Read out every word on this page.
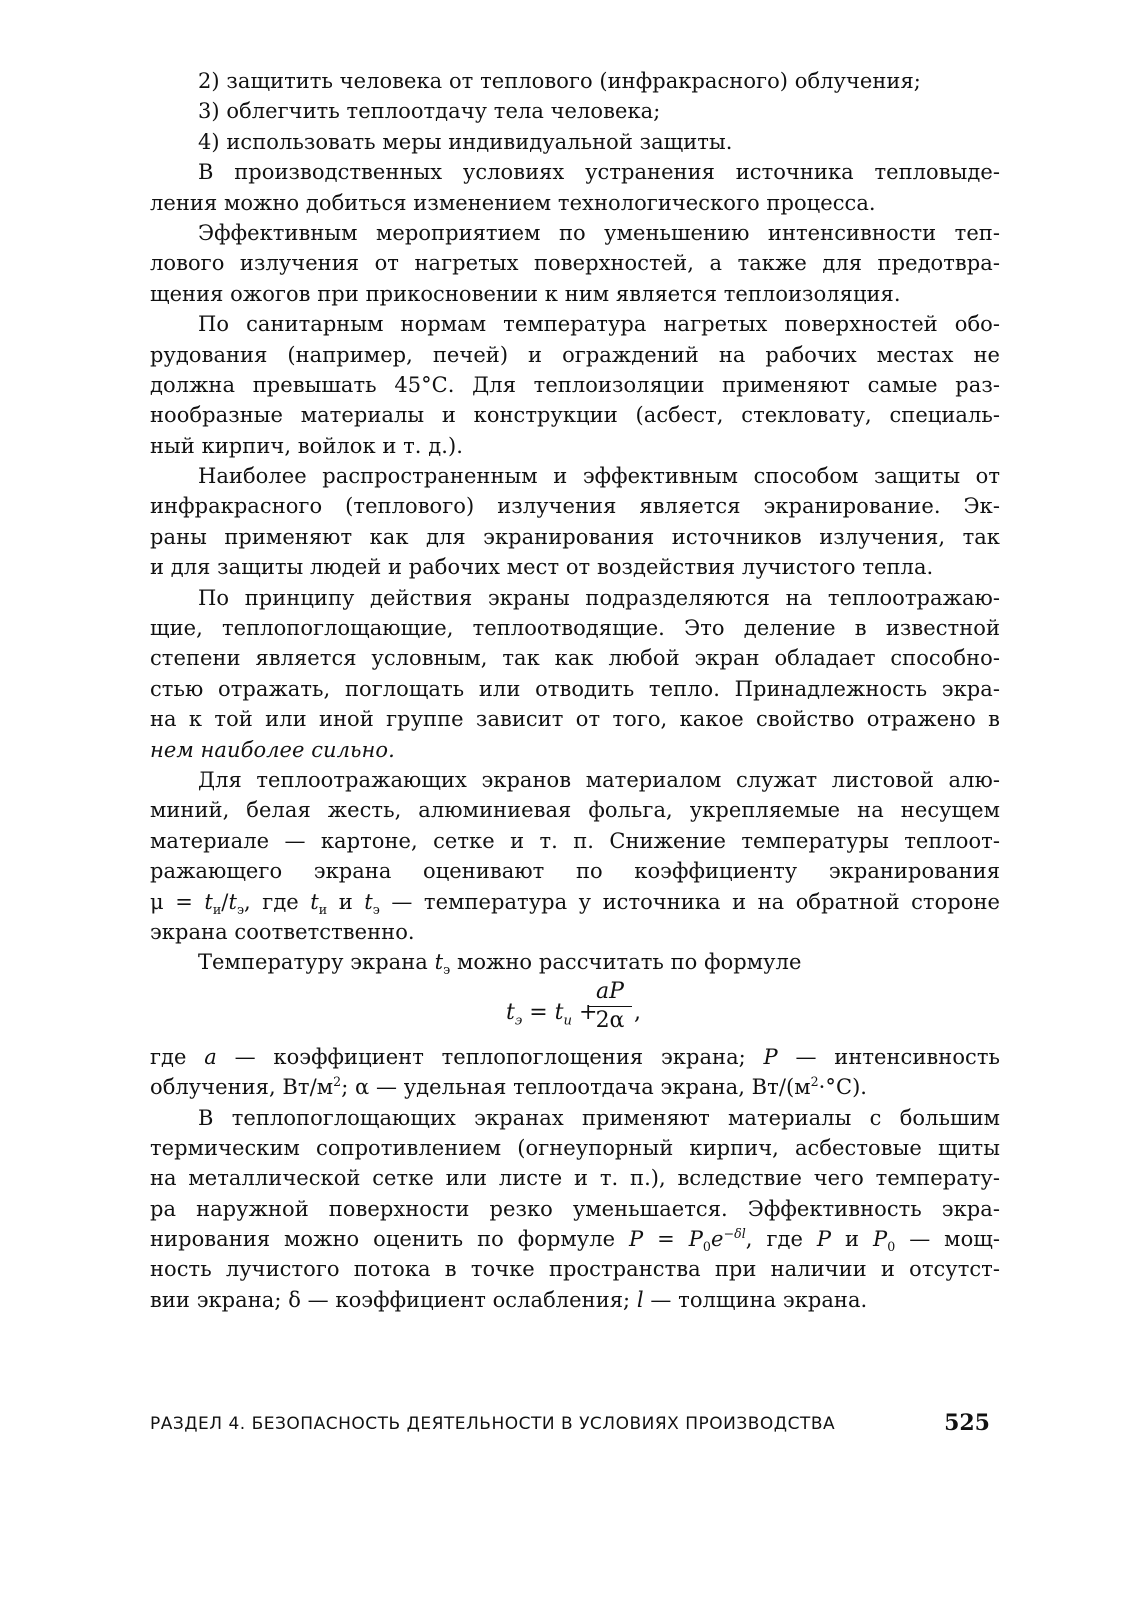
2) защитить человека от теплового (инфракрасного) облучения;
3) облегчить теплоотдачу тела человека;
4) использовать меры индивидуальной защиты.
В производственных условиях устранения источника тепловыде-
ления можно добиться изменением технологического процесса.
Эффективным мероприятием по уменьшению интенсивности теп-
лового излучения от нагретых поверхностей, а также для предотвра-
щения ожогов при прикосновении к ним является теплоизоляция.
По санитарным нормам температура нагретых поверхностей обо-
рудования (например, печей) и ограждений на рабочих местах не
должна превышать 45°С. Для теплоизоляции применяют самые раз-
нообразные материалы и конструкции (асбест, стекловату, специаль-
ный кирпич, войлок и т. д.).
Наиболее распространенным и эффективным способом защиты от
инфракрасного (теплового) излучения является экранирование. Эк-
раны применяют как для экранирования источников излучения, так
и для защиты людей и рабочих мест от воздействия лучистого тепла.
По принципу действия экраны подразделяются на теплоотражаю-
щие, теплопоглощающие, теплоотводящие. Это деление в известной
степени является условным, так как любой экран обладает способно-
стью отражать, поглощать или отводить тепло. Принадлежность экра-
на к той или иной группе зависит от того, какое свойство отражено в
нем наиболее сильно.
Для теплоотражающих экранов материалом служат листовой алю-
миний, белая жесть, алюминиевая фольга, укрепляемые на несущем
материале — картоне, сетке и т. п. Снижение температуры теплоот-
ражающего экрана оценивают по коэффициенту экранирования
$\mu = t_и/t_э$, где $t_и$ и $t_э$ — температура у источника и на обратной стороне
экрана соответственно.
Температуру экрана $t_э$ можно рассчитать по формуле
$t_э = t_и$ +
$\frac{aP}{2\alpha}$ ,
где a — коэффициент теплопоглощения экрана; P — интенсивность
облучения, $Вт/м^2$; α — удельная теплоотдача экрана, $Вт/(м^2\cdot^\circ С)$.
В теплопоглощающих экранах применяют материалы с большим
термическим сопротивлением (огнеупорный кирпич, асбестовые щиты
на металлической сетке или листе и т. п.), вследствие чего температу-
ра наружной поверхности резко уменьшается. Эффективность экра-
нирования можно оценить по формуле $P = P_0e^{-\delta l}$, где P и $P_0$ — мощ-
ность лучистого потока в точке пространства при наличии и отсутст-
вии экрана; δ — коэффициент ослабления; l — толщина экрана.
РАЗДЕЛ 4. БЕЗОПАСНОСТЬ ДЕЯТЕЛЬНОСТИ В УСЛОВИЯХ ПРОИЗВОДСТВА	525
